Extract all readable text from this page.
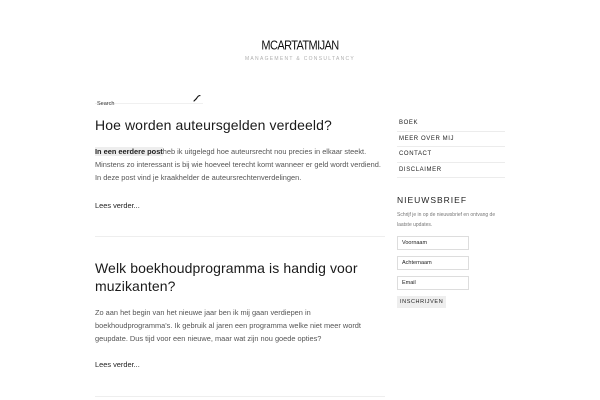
MCARTATMIJAN
MANAGEMENT & CONSULTANCY
Search
Hoe worden auteursgelden verdeeld?

In een eerdere postheb ik uitgelegd hoe auteursrecht nou precies in elkaar steekt. Minstens zo interessant is bij wie hoeveel terecht komt wanneer er geld wordt verdiend. In deze post vind je kraakhelder de auteursrechtenverdelingen.

Lees verder...
Welk boekhoudprogramma is handig voor muzikanten?

Zo aan het begin van het nieuwe jaar ben ik mij gaan verdiepen in boekhoudprogramma's. Ik gebruik al jaren een programma welke niet meer wordt geupdate. Dus tijd voor een nieuwe, maar wat zijn nou goede opties?

Lees verder...
BOEK
MEER OVER MIJ
CONTACT
DISCLAIMER
NIEUWSBRIEF
Schrijf je in op de nieuwsbrief en ontvang de laatste updates.
Voornaam
Achternaam
Email INSCHRIJVEN
